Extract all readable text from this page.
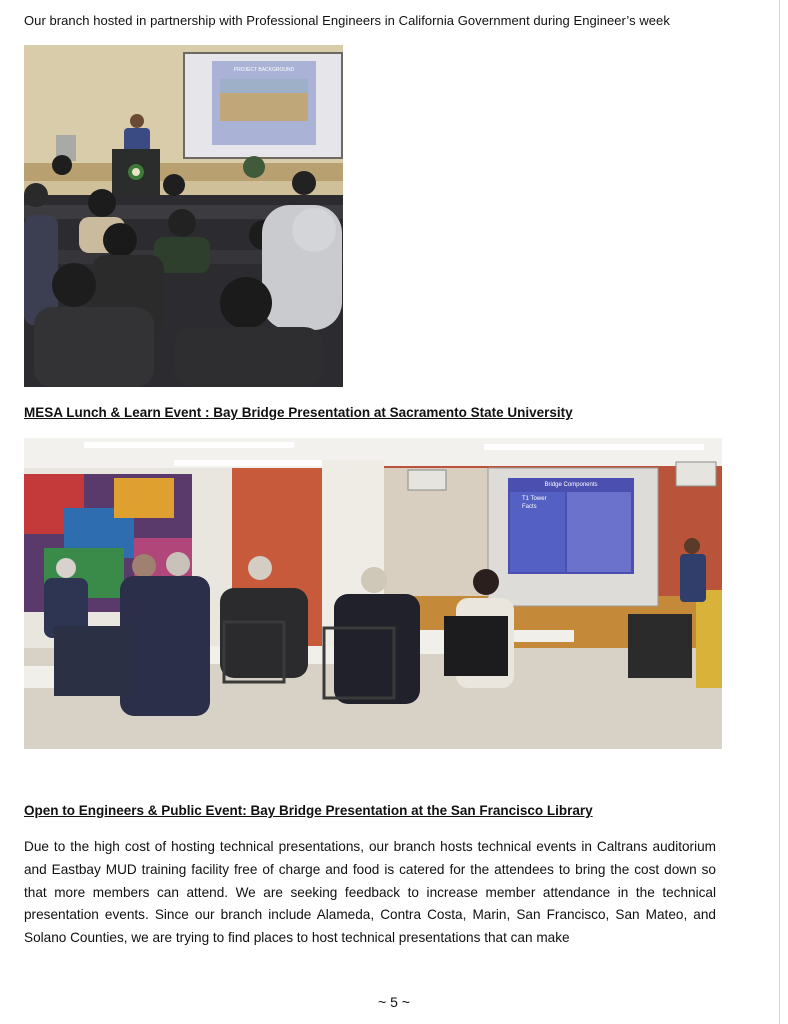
Our branch hosted in partnership with Professional Engineers in California Government during Engineer’s week
PROJECT BACKGROUND
MESA Lunch & Learn Event : Bay Bridge Presentation at Sacramento State University
Bridge Components
T1 Tower
Facts
Open to Engineers & Public Event: Bay Bridge Presentation at the San Francisco Library
Due to the high cost of hosting technical presentations, our branch hosts technical events in Caltrans auditorium and Eastbay MUD training facility free of charge and food is catered for the attendees to bring the cost down so that more members can attend. We are seeking feedback to increase member attendance in the technical presentation events. Since our branch include Alameda, Contra Costa, Marin, San Francisco, San Mateo, and Solano Counties, we are trying to find places to host technical presentations that can make
~ 5 ~
